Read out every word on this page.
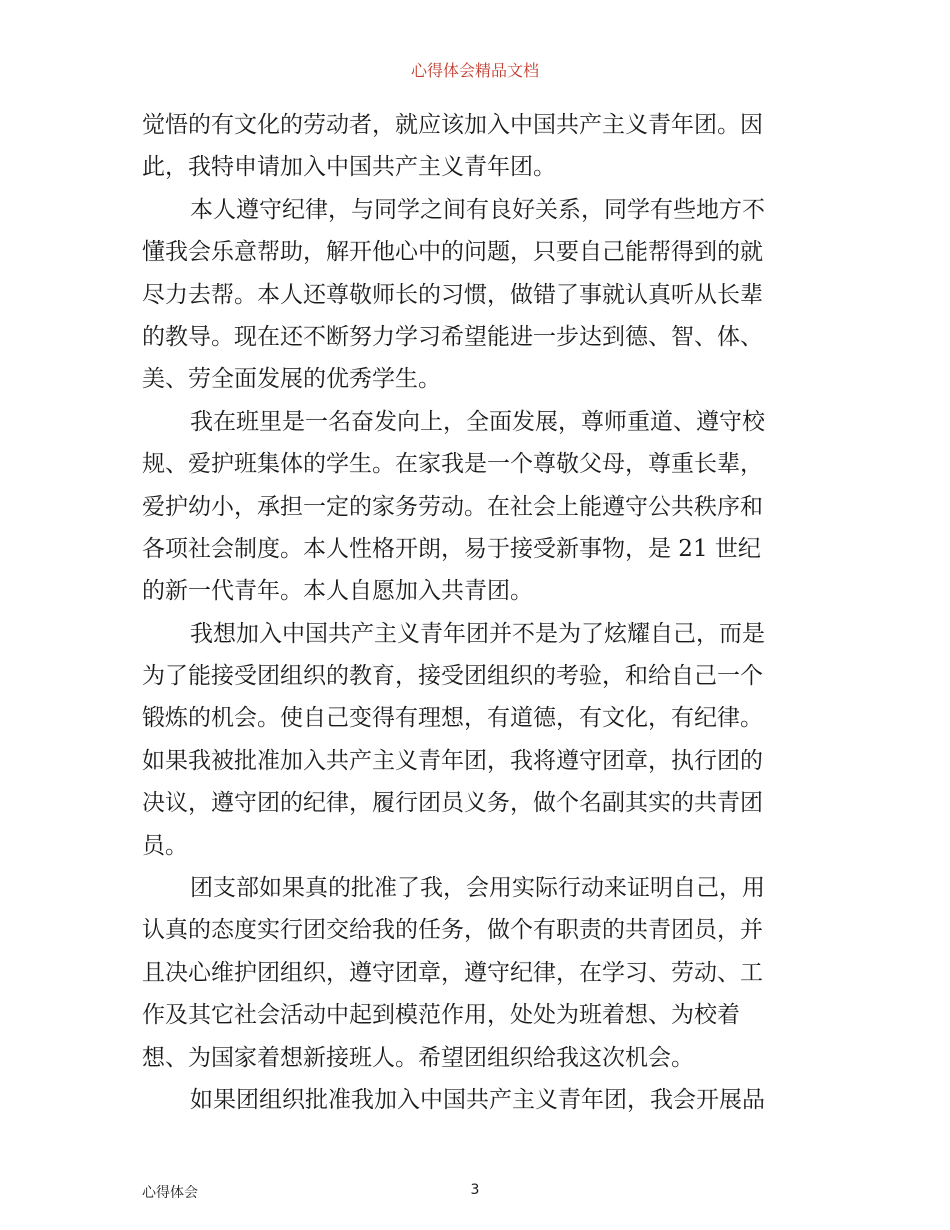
心得体会精品文档
觉悟的有文化的劳动者，就应该加入中国共产主义青年团。因
此，我特申请加入中国共产主义青年团。
本人遵守纪律，与同学之间有良好关系，同学有些地方不
懂我会乐意帮助，解开他心中的问题，只要自己能帮得到的就
尽力去帮。本人还尊敬师长的习惯，做错了事就认真听从长辈
的教导。现在还不断努力学习希望能进一步达到德、智、体、
美、劳全面发展的优秀学生。
我在班里是一名奋发向上，全面发展，尊师重道、遵守校
规、爱护班集体的学生。在家我是一个尊敬父母，尊重长辈，
爱护幼小，承担一定的家务劳动。在社会上能遵守公共秩序和
各项社会制度。本人性格开朗，易于接受新事物，是 21 世纪
的新一代青年。本人自愿加入共青团。
我想加入中国共产主义青年团并不是为了炫耀自己，而是
为了能接受团组织的教育，接受团组织的考验，和给自己一个
锻炼的机会。使自己变得有理想，有道德，有文化，有纪律。
如果我被批准加入共产主义青年团，我将遵守团章，执行团的
决议，遵守团的纪律，履行团员义务，做个名副其实的共青团
员。
团支部如果真的批准了我，会用实际行动来证明自己，用
认真的态度实行团交给我的任务，做个有职责的共青团员，并
且决心维护团组织，遵守团章，遵守纪律，在学习、劳动、工
作及其它社会活动中起到模范作用，处处为班着想、为校着
想、为国家着想新接班人。希望团组织给我这次机会。
如果团组织批准我加入中国共产主义青年团，我会开展品
心得体会	3
